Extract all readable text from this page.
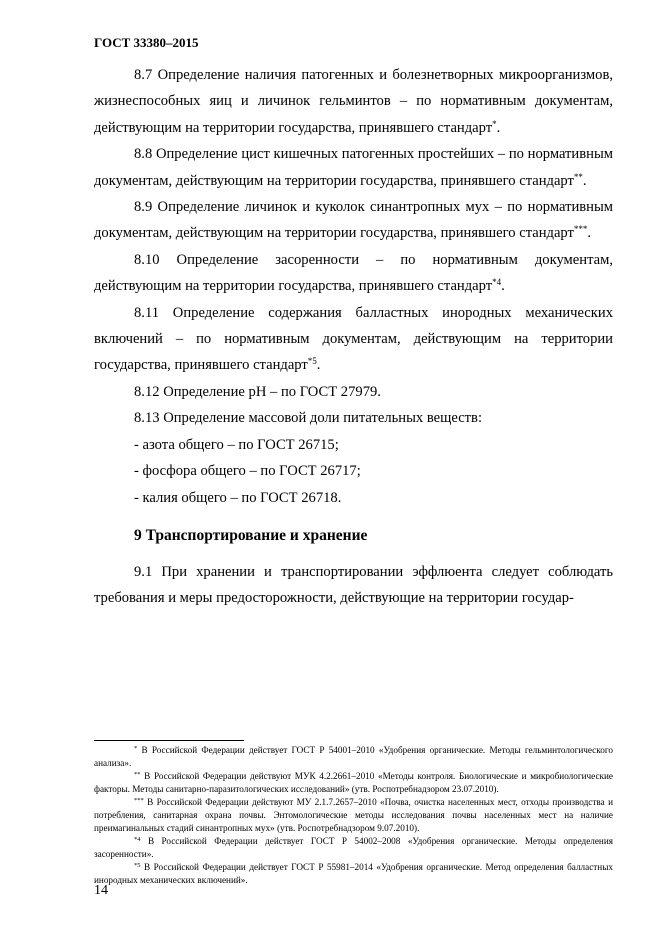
ГОСТ 33380–2015

8.7 Определение наличия патогенных и болезнетворных микроорганизмов, жизнеспособных яиц и личинок гельминтов – по нормативным документам, действующим на территории государства, принявшего стандарт*.

8.8 Определение цист кишечных патогенных простейших – по нормативным документам, действующим на территории государства, принявшего стандарт**.

8.9 Определение личинок и куколок синантропных мух – по нормативным документам, действующим на территории государства, принявшего стандарт***.

8.10 Определение засоренности – по нормативным документам, действующим на территории государства, принявшего стандарт$^{*4}$.

8.11 Определение содержания балластных инородных механических включений – по нормативным документам, действующим на территории государства, принявшего стандарт$^{*5}$.

8.12 Определение pH – по ГОСТ 27979.

8.13 Определение массовой доли питательных веществ:

- азота общего – по ГОСТ 26715;

- фосфора общего – по ГОСТ 26717;

- калия общего – по ГОСТ 26718.

9 Транспортирование и хранение

9.1 При хранении и транспортировании эффлюента следует соблюдать требования и меры предосторожности, действующие на территории государ-

* В Российской Федерации действует ГОСТ Р 54001–2010 «Удобрения органические. Методы гельминтологического анализа».

** В Российской Федерации действуют МУК 4.2.2661–2010 «Методы контроля. Биологические и микробиологические факторы. Методы санитарно-паразитологических исследований» (утв. Роспотребнадзором 23.07.2010).

*** В Российской Федерации действуют МУ 2.1.7.2657–2010 «Почва, очистка населенных мест, отходы производства и потребления, санитарная охрана почвы. Энтомологические методы исследования почвы населенных мест на наличие преимагинальных стадий синантропных мух» (утв. Роспотребнадзором 9.07.2010).

$^{*4}$ В Российской Федерации действует ГОСТ Р 54002–2008 «Удобрения органические. Методы определения засоренности».

$^{*5}$ В Российской Федерации действует ГОСТ Р 55981–2014 «Удобрения органические. Метод определения балластных инородных механических включений».

14
